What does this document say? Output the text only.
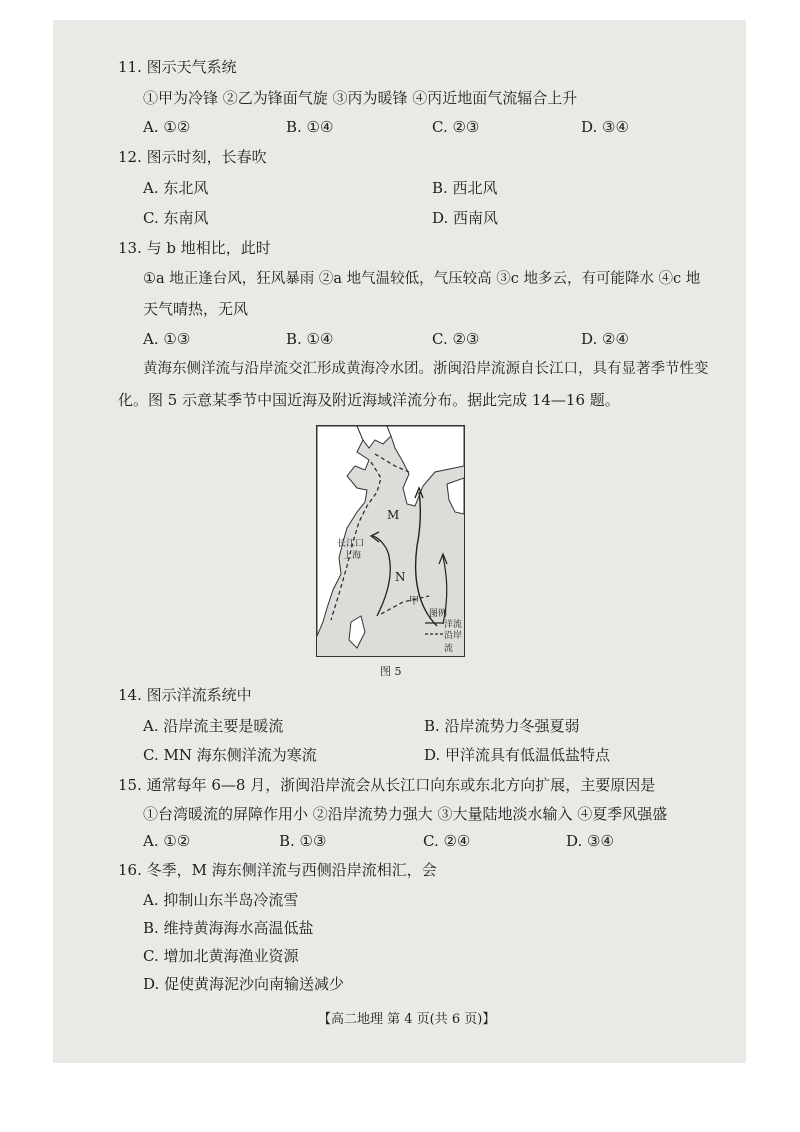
11. 图示天气系统
①甲为冷锋 ②乙为锋面气旋 ③丙为暖锋 ④丙近地面气流辐合上升
A. ①②	B. ①④	C. ②③	D. ③④
12. 图示时刻，长春吹
A. 东北风	B. 西北风
C. 东南风	D. 西南风
13. 与 b 地相比，此时
①a 地正逢台风，狂风暴雨 ②a 地气温较低，气压较高 ③c 地多云，有可能降水 ④c 地
天气晴热，无风
A. ①③	B. ①④	C. ②③	D. ②④
黄海东侧洋流与沿岸流交汇形成黄海冷水团。浙闽沿岸流源自长江口，具有显著季节性变
化。图 5 示意某季节中国近海及附近海域洋流分布。据此完成 14—16 题。
M
N
甲
长江口
上海
图例
洋流
沿岸流
图 5
14. 图示洋流系统中
A. 沿岸流主要是暖流	B. 沿岸流势力冬强夏弱
C. MN 海东侧洋流为寒流	D. 甲洋流具有低温低盐特点
15. 通常每年 6—8 月，浙闽沿岸流会从长江口向东或东北方向扩展，主要原因是
①台湾暖流的屏障作用小 ②沿岸流势力强大 ③大量陆地淡水输入 ④夏季风强盛
A. ①②	B. ①③	C. ②④	D. ③④
16. 冬季，M 海东侧洋流与西侧沿岸流相汇，会
A. 抑制山东半岛冷流雪
B. 维持黄海海水高温低盐
C. 增加北黄海渔业资源
D. 促使黄海泥沙向南输送减少
【高二地理 第 4 页(共 6 页)】
